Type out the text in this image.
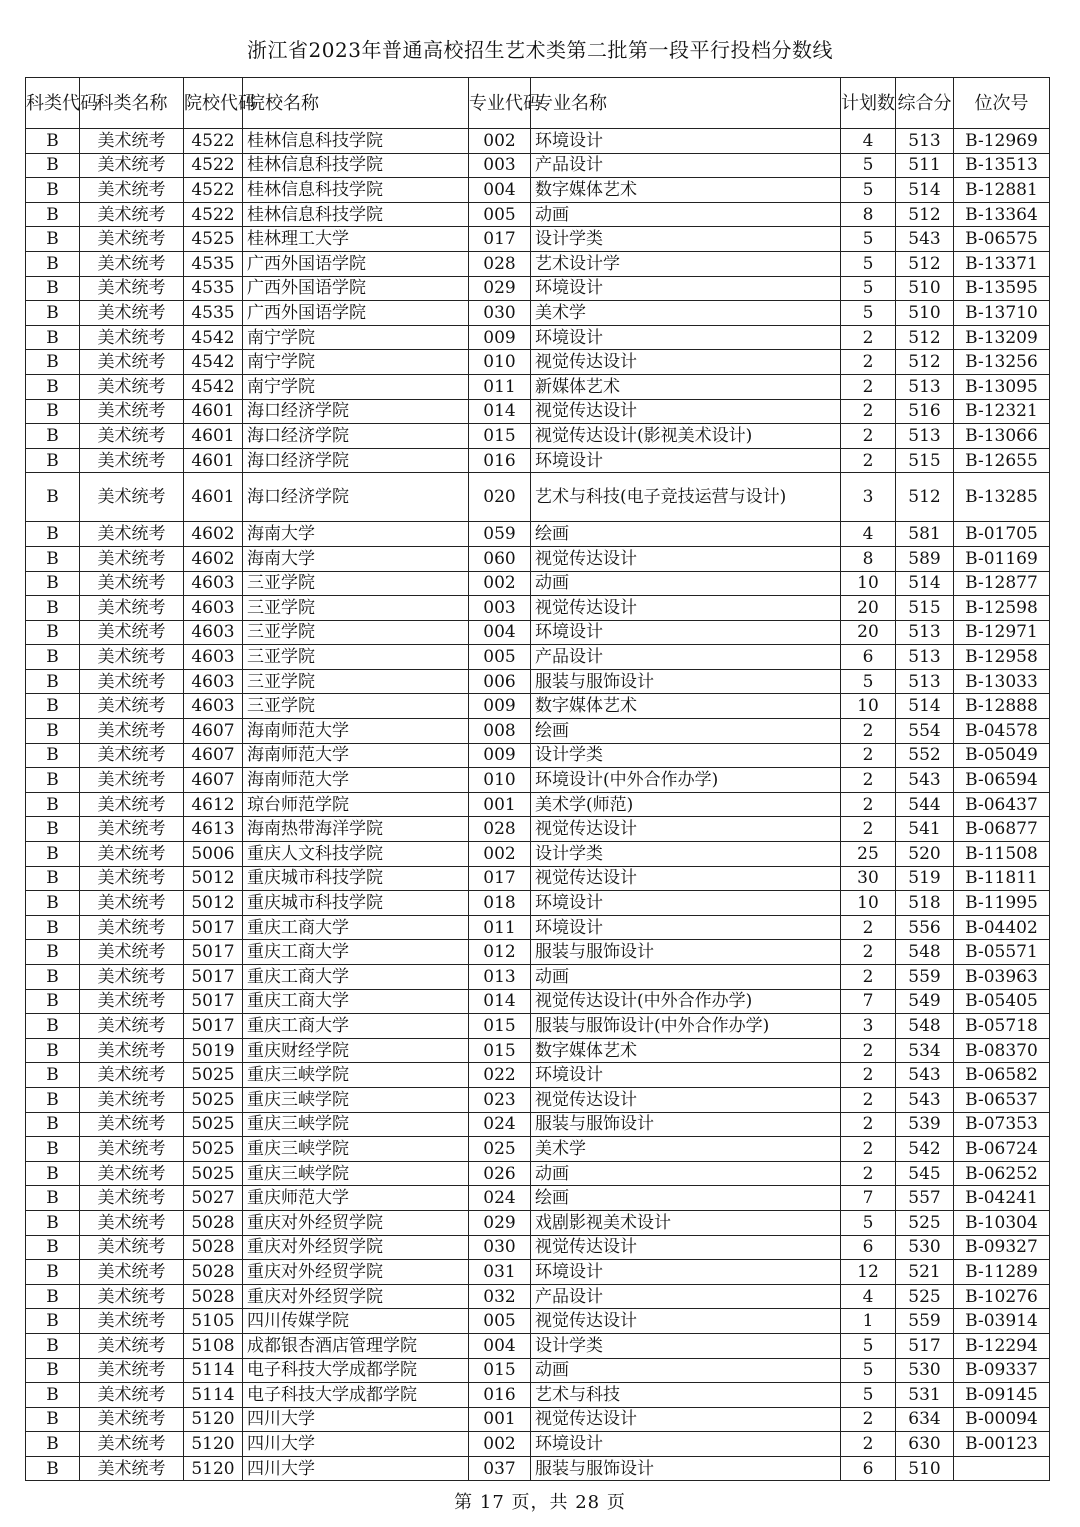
浙江省2023年普通高校招生艺术类第二批第一段平行投档分数线
科类代码	科类名称	院校代码	院校名称	专业代码	专业名称	计划数	综合分	位次号
B	美术统考	4522	桂林信息科技学院	002	环境设计	4	513	B-12969
B	美术统考	4522	桂林信息科技学院	003	产品设计	5	511	B-13513
B	美术统考	4522	桂林信息科技学院	004	数字媒体艺术	5	514	B-12881
B	美术统考	4522	桂林信息科技学院	005	动画	8	512	B-13364
B	美术统考	4525	桂林理工大学	017	设计学类	5	543	B-06575
B	美术统考	4535	广西外国语学院	028	艺术设计学	5	512	B-13371
B	美术统考	4535	广西外国语学院	029	环境设计	5	510	B-13595
B	美术统考	4535	广西外国语学院	030	美术学	5	510	B-13710
B	美术统考	4542	南宁学院	009	环境设计	2	512	B-13209
B	美术统考	4542	南宁学院	010	视觉传达设计	2	512	B-13256
B	美术统考	4542	南宁学院	011	新媒体艺术	2	513	B-13095
B	美术统考	4601	海口经济学院	014	视觉传达设计	2	516	B-12321
B	美术统考	4601	海口经济学院	015	视觉传达设计(影视美术设计)	2	513	B-13066
B	美术统考	4601	海口经济学院	016	环境设计	2	515	B-12655
B	美术统考	4601	海口经济学院	020	艺术与科技(电子竞技运营与设计)	3	512	B-13285
B	美术统考	4602	海南大学	059	绘画	4	581	B-01705
B	美术统考	4602	海南大学	060	视觉传达设计	8	589	B-01169
B	美术统考	4603	三亚学院	002	动画	10	514	B-12877
B	美术统考	4603	三亚学院	003	视觉传达设计	20	515	B-12598
B	美术统考	4603	三亚学院	004	环境设计	20	513	B-12971
B	美术统考	4603	三亚学院	005	产品设计	6	513	B-12958
B	美术统考	4603	三亚学院	006	服装与服饰设计	5	513	B-13033
B	美术统考	4603	三亚学院	009	数字媒体艺术	10	514	B-12888
B	美术统考	4607	海南师范大学	008	绘画	2	554	B-04578
B	美术统考	4607	海南师范大学	009	设计学类	2	552	B-05049
B	美术统考	4607	海南师范大学	010	环境设计(中外合作办学)	2	543	B-06594
B	美术统考	4612	琼台师范学院	001	美术学(师范)	2	544	B-06437
B	美术统考	4613	海南热带海洋学院	028	视觉传达设计	2	541	B-06877
B	美术统考	5006	重庆人文科技学院	002	设计学类	25	520	B-11508
B	美术统考	5012	重庆城市科技学院	017	视觉传达设计	30	519	B-11811
B	美术统考	5012	重庆城市科技学院	018	环境设计	10	518	B-11995
B	美术统考	5017	重庆工商大学	011	环境设计	2	556	B-04402
B	美术统考	5017	重庆工商大学	012	服装与服饰设计	2	548	B-05571
B	美术统考	5017	重庆工商大学	013	动画	2	559	B-03963
B	美术统考	5017	重庆工商大学	014	视觉传达设计(中外合作办学)	7	549	B-05405
B	美术统考	5017	重庆工商大学	015	服装与服饰设计(中外合作办学)	3	548	B-05718
B	美术统考	5019	重庆财经学院	015	数字媒体艺术	2	534	B-08370
B	美术统考	5025	重庆三峡学院	022	环境设计	2	543	B-06582
B	美术统考	5025	重庆三峡学院	023	视觉传达设计	2	543	B-06537
B	美术统考	5025	重庆三峡学院	024	服装与服饰设计	2	539	B-07353
B	美术统考	5025	重庆三峡学院	025	美术学	2	542	B-06724
B	美术统考	5025	重庆三峡学院	026	动画	2	545	B-06252
B	美术统考	5027	重庆师范大学	024	绘画	7	557	B-04241
B	美术统考	5028	重庆对外经贸学院	029	戏剧影视美术设计	5	525	B-10304
B	美术统考	5028	重庆对外经贸学院	030	视觉传达设计	6	530	B-09327
B	美术统考	5028	重庆对外经贸学院	031	环境设计	12	521	B-11289
B	美术统考	5028	重庆对外经贸学院	032	产品设计	4	525	B-10276
B	美术统考	5105	四川传媒学院	005	视觉传达设计	1	559	B-03914
B	美术统考	5108	成都银杏酒店管理学院	004	设计学类	5	517	B-12294
B	美术统考	5114	电子科技大学成都学院	015	动画	5	530	B-09337
B	美术统考	5114	电子科技大学成都学院	016	艺术与科技	5	531	B-09145
B	美术统考	5120	四川大学	001	视觉传达设计	2	634	B-00094
B	美术统考	5120	四川大学	002	环境设计	2	630	B-00123
B	美术统考	5120	四川大学	037	服装与服饰设计	6	510	
第 17 页，共 28 页
